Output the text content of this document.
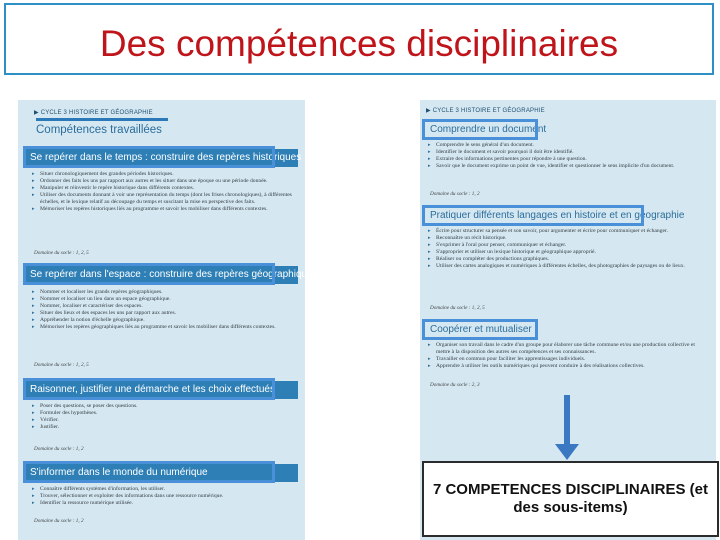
Des compétences disciplinaires
▶ CYCLE 3 HISTOIRE ET GÉOGRAPHIE
Compétences travaillées
Se repérer dans le temps : construire des repères historiques
▸ Situer chronologiquement des grandes périodes historiques.
▸ Ordonner des faits les uns par rapport aux autres et les situer dans une époque ou une période donnée.
▸ Manipuler et réinvestir le repère historique dans différents contextes.
▸ Utiliser des documents donnant à voir une représentation du temps (dont les frises chronologiques), à différentes échelles, et le lexique relatif au découpage du temps et suscitant la mise en perspective des faits.
▸ Mémoriser les repères historiques liés au programme et savoir les mobiliser dans différents contextes.
Domaine du socle : 1, 2, 5
Se repérer dans l'espace : construire des repères géographiques
▸ Nommer et localiser les grands repères géographiques.
▸ Nommer et localiser un lieu dans un espace géographique.
▸ Nommer, localiser et caractériser des espaces.
▸ Situer des lieux et des espaces les uns par rapport aux autres.
▸ Appréhender la notion d'échelle géographique.
▸ Mémoriser les repères géographiques liés au programme et savoir les mobiliser dans différents contextes.
Domaine du socle : 1, 2, 5
Raisonner, justifier une démarche et les choix effectués
▸ Poser des questions, se poser des questions.
▸ Formuler des hypothèses.
▸ Vérifier.
▸ Justifier.
Domaine du socle : 1, 2
S'informer dans le monde du numérique
▸ Connaître différents systèmes d'information, les utiliser.
▸ Trouver, sélectionner et exploiter des informations dans une ressource numérique.
▸ Identifier la ressource numérique utilisée.
Domaine du socle : 1, 2
▶ CYCLE 3 HISTOIRE ET GÉOGRAPHIE
Comprendre un document
▸ Comprendre le sens général d'un document.
▸ Identifier le document et savoir pourquoi il doit être identifié.
▸ Extraire des informations pertinentes pour répondre à une question.
▸ Savoir que le document exprime un point de vue, identifier et questionner le sens implicite d'un document.
Domaine du socle : 1, 2
Pratiquer différents langages en histoire et en géographie
▸ Écrire pour structurer sa pensée et son savoir, pour argumenter et écrire pour communiquer et échanger.
▸ Reconnaître un récit historique.
▸ S'exprimer à l'oral pour penser, communiquer et échanger.
▸ S'approprier et utiliser un lexique historique et géographique approprié.
▸ Réaliser ou compléter des productions graphiques.
▸ Utiliser des cartes analogiques et numériques à différentes échelles, des photographies de paysages ou de lieux.
Domaine du socle : 1, 2, 5
Coopérer et mutualiser
▸ Organiser son travail dans le cadre d'un groupe pour élaborer une tâche commune et/ou une production collective et mettre à la disposition des autres ses compétences et ses connaissances.
▸ Travailler en commun pour faciliter les apprentissages individuels.
▸ Apprendre à utiliser les outils numériques qui peuvent conduire à des réalisations collectives.
Domaine du socle : 2, 3
7 COMPETENCES DISCIPLINAIRES (et des sous-items)
